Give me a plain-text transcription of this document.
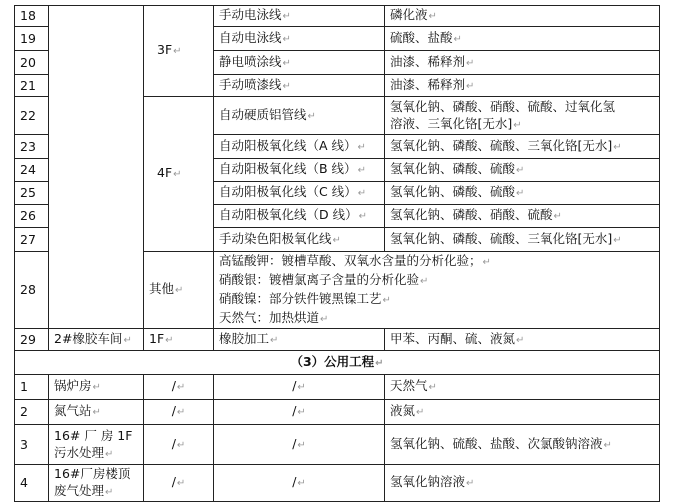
18		3F↵	手动电泳线↵	磷化液↵
19			自动电泳线↵	硫酸、盐酸↵
20			静电喷涂线↵	油漆、稀释剂↵
21			手动喷漆线↵	油漆、稀释剂↵
22		4F↵	自动硬质铝管线↵	氢氧化钠、磷酸、硝酸、硫酸、过氧化氢
溶液、三氧化铬[无水]↵

23			自动阳极氧化线（A 线）↵	氢氧化钠、磷酸、硫酸、三氧化铬[无水]↵
24			自动阳极氧化线（B 线）↵	氢氧化钠、磷酸、硫酸↵
25			自动阳极氧化线（C 线）↵	氢氧化钠、磷酸、硫酸↵
26			自动阳极氧化线（D 线）↵	氢氧化钠、磷酸、硝酸、硫酸↵
27			手动染色阳极氧化线↵	氢氧化钠、磷酸、硫酸、三氧化铬[无水]↵
28		其他↵	高锰酸钾：镀槽草酸、双氧水含量的分析化验；↵
硝酸银：镀槽氯离子含量的分析化验↵
硝酸镍：部分铁件镀黑镍工艺↵
天然气：加热烘道↵	

29	2#橡胶车间↵	1F↵	橡胶加工↵	甲苯、丙酮、硫、液氮↵
（3）公用工程↵				
1	锅炉房↵	/↵	/↵	天然气↵
2	氮气站↵	/↵	/↵	液氮↵
3	16# 厂 房 1F
污水处理↵	/↵	/↵	氢氧化钠、硫酸、盐酸、次氯酸钠溶液↵
4	16#厂房楼顶
废气处理↵	/↵	/↵	氢氧化钠溶液↵
